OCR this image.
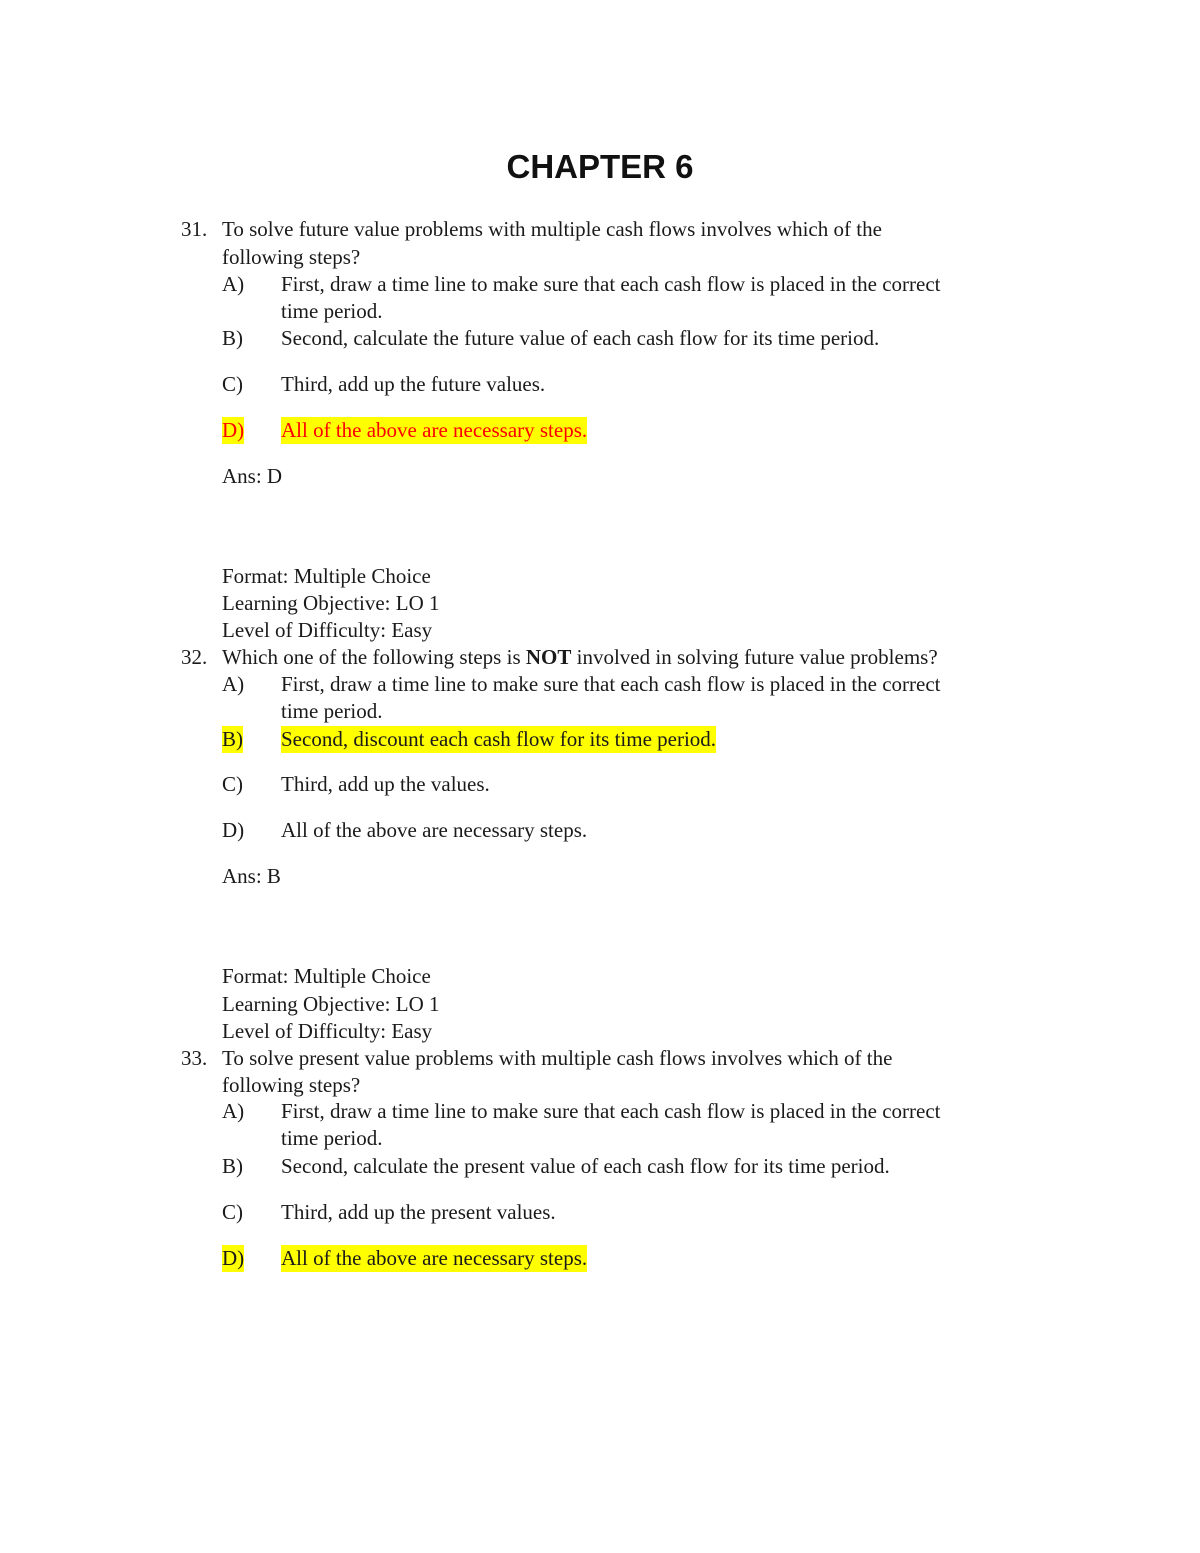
CHAPTER 6
31. To solve future value problems with multiple cash flows involves which of the
following steps?
A) First, draw a time line to make sure that each cash flow is placed in the correct
time period.
B) Second, calculate the future value of each cash flow for its time period.
C) Third, add up the future values.
D) All of the above are necessary steps.
Ans: D
Format: Multiple Choice
Learning Objective: LO 1
Level of Difficulty: Easy
32. Which one of the following steps is NOT involved in solving future value problems?
A) First, draw a time line to make sure that each cash flow is placed in the correct
time period.
B) Second, discount each cash flow for its time period.
C) Third, add up the values.
D) All of the above are necessary steps.
Ans: B
Format: Multiple Choice
Learning Objective: LO 1
Level of Difficulty: Easy
33. To solve present value problems with multiple cash flows involves which of the
following steps?
A) First, draw a time line to make sure that each cash flow is placed in the correct
time period.
B) Second, calculate the present value of each cash flow for its time period.
C) Third, add up the present values.
D) All of the above are necessary steps.
